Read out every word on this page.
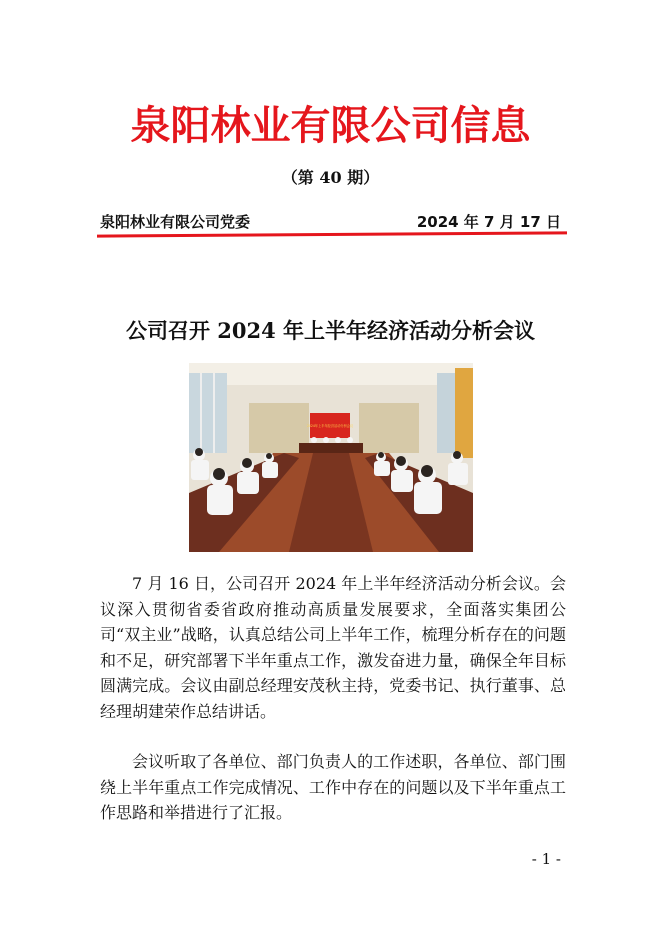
泉阳林业有限公司信息
（第 40 期）
泉阳林业有限公司党委	2024 年 7 月 17 日
公司召开 2024 年上半年经济活动分析会议
2024年上半年经济活动分析会议

7 月 16 日，公司召开 2024 年上半年经济活动分析会议。会议深入贯彻省委省政府推动高质量发展要求，全面落实集团公司“双主业”战略，认真总结公司上半年工作，梳理分析存在的问题和不足，研究部署下半年重点工作，激发奋进力量，确保全年目标圆满完成。会议由副总经理安茂秋主持，党委书记、执行董事、总经理胡建荣作总结讲话。

会议听取了各单位、部门负责人的工作述职，各单位、部门围绕上半年重点工作完成情况、工作中存在的问题以及下半年重点工作思路和举措进行了汇报。

- 1 -
